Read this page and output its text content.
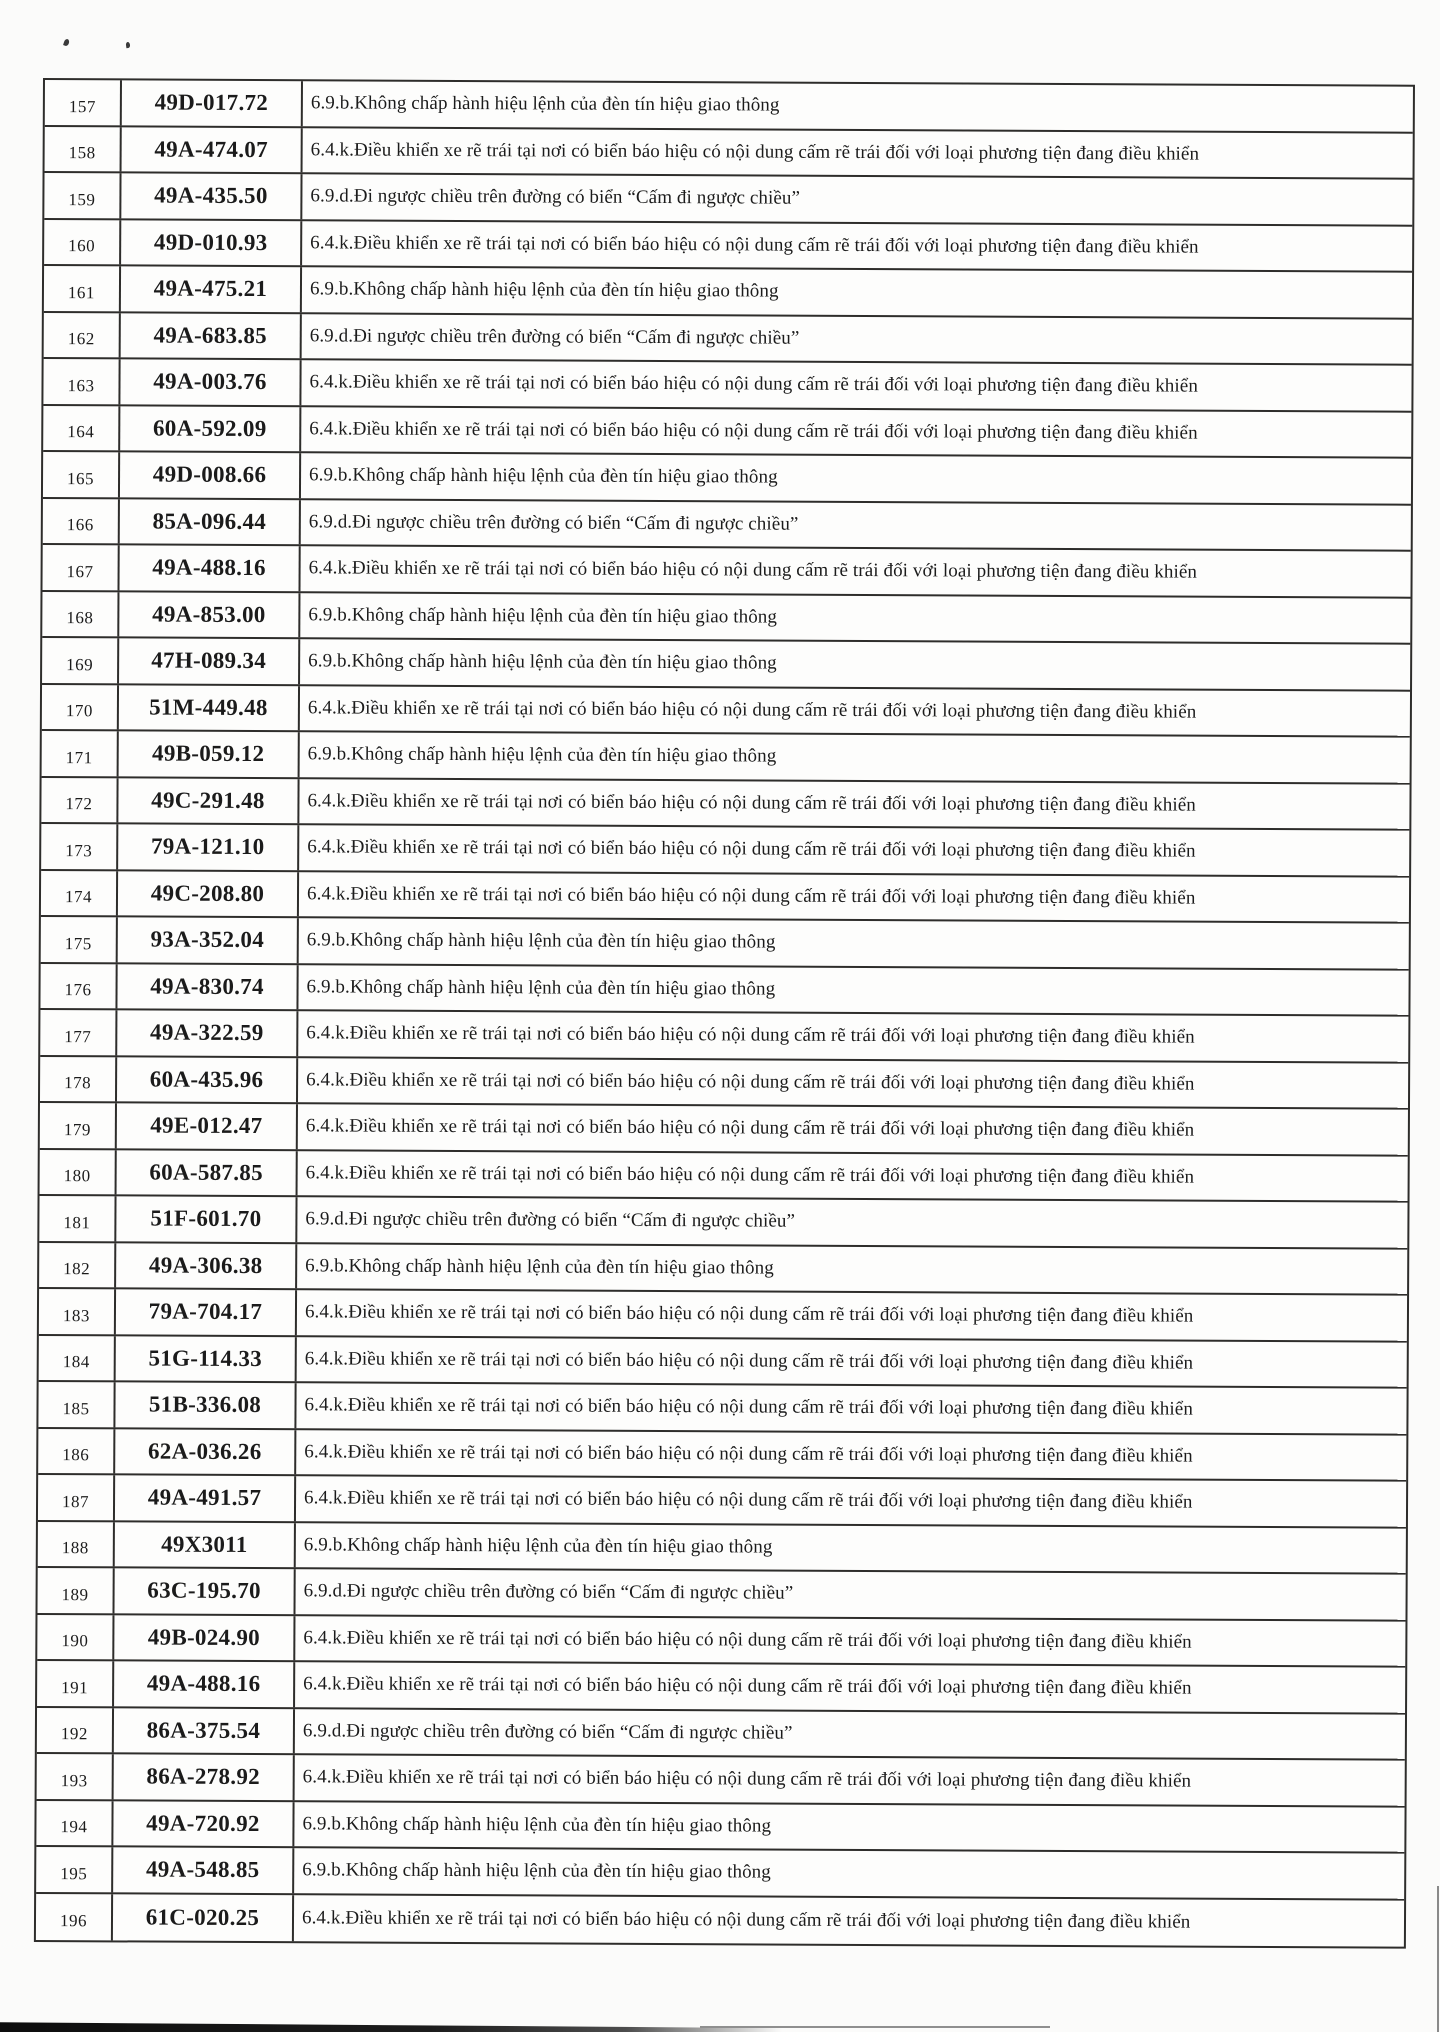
157	49D-017.72 6.9.b.Không chấp hành hiệu lệnh của đèn tín hiệu giao thông
158	49A-474.07 6.4.k.Điều khiển xe rẽ trái tại nơi có biển báo hiệu có nội dung cấm rẽ trái đối với loại phương tiện đang điều khiển
159	49A-435.50 6.9.d.Đi ngược chiều trên đường có biển “Cấm đi ngược chiều”
160	49D-010.93 6.4.k.Điều khiển xe rẽ trái tại nơi có biển báo hiệu có nội dung cấm rẽ trái đối với loại phương tiện đang điều khiển
161	49A-475.21 6.9.b.Không chấp hành hiệu lệnh của đèn tín hiệu giao thông
162	49A-683.85 6.9.d.Đi ngược chiều trên đường có biển “Cấm đi ngược chiều”
163	49A-003.76 6.4.k.Điều khiển xe rẽ trái tại nơi có biển báo hiệu có nội dung cấm rẽ trái đối với loại phương tiện đang điều khiển
164	60A-592.09 6.4.k.Điều khiển xe rẽ trái tại nơi có biển báo hiệu có nội dung cấm rẽ trái đối với loại phương tiện đang điều khiển
165	49D-008.66 6.9.b.Không chấp hành hiệu lệnh của đèn tín hiệu giao thông
166	85A-096.44 6.9.d.Đi ngược chiều trên đường có biển “Cấm đi ngược chiều”
167	49A-488.16 6.4.k.Điều khiển xe rẽ trái tại nơi có biển báo hiệu có nội dung cấm rẽ trái đối với loại phương tiện đang điều khiển
168	49A-853.00 6.9.b.Không chấp hành hiệu lệnh của đèn tín hiệu giao thông
169	47H-089.34 6.9.b.Không chấp hành hiệu lệnh của đèn tín hiệu giao thông
170 51M-449.48 6.4.k.Điều khiển xe rẽ trái tại nơi có biển báo hiệu có nội dung cấm rẽ trái đối với loại phương tiện đang điều khiển
171	49B-059.12 6.9.b.Không chấp hành hiệu lệnh của đèn tín hiệu giao thông
172	49C-291.48 6.4.k.Điều khiển xe rẽ trái tại nơi có biển báo hiệu có nội dung cấm rẽ trái đối với loại phương tiện đang điều khiển
173	79A-121.10 6.4.k.Điều khiển xe rẽ trái tại nơi có biển báo hiệu có nội dung cấm rẽ trái đối với loại phương tiện đang điều khiển
174	49C-208.80 6.4.k.Điều khiển xe rẽ trái tại nơi có biển báo hiệu có nội dung cấm rẽ trái đối với loại phương tiện đang điều khiển
175	93A-352.04 6.9.b.Không chấp hành hiệu lệnh của đèn tín hiệu giao thông
176	49A-830.74 6.9.b.Không chấp hành hiệu lệnh của đèn tín hiệu giao thông
177	49A-322.59 6.4.k.Điều khiển xe rẽ trái tại nơi có biển báo hiệu có nội dung cấm rẽ trái đối với loại phương tiện đang điều khiển
178	60A-435.96 6.4.k.Điều khiển xe rẽ trái tại nơi có biển báo hiệu có nội dung cấm rẽ trái đối với loại phương tiện đang điều khiển
179	49E-012.47 6.4.k.Điều khiển xe rẽ trái tại nơi có biển báo hiệu có nội dung cấm rẽ trái đối với loại phương tiện đang điều khiển
180	60A-587.85 6.4.k.Điều khiển xe rẽ trái tại nơi có biển báo hiệu có nội dung cấm rẽ trái đối với loại phương tiện đang điều khiển
181	51F-601.70 6.9.d.Đi ngược chiều trên đường có biển “Cấm đi ngược chiều”
182	49A-306.38 6.9.b.Không chấp hành hiệu lệnh của đèn tín hiệu giao thông
183	79A-704.17 6.4.k.Điều khiển xe rẽ trái tại nơi có biển báo hiệu có nội dung cấm rẽ trái đối với loại phương tiện đang điều khiển
184	51G-114.33 6.4.k.Điều khiển xe rẽ trái tại nơi có biển báo hiệu có nội dung cấm rẽ trái đối với loại phương tiện đang điều khiển
185	51B-336.08 6.4.k.Điều khiển xe rẽ trái tại nơi có biển báo hiệu có nội dung cấm rẽ trái đối với loại phương tiện đang điều khiển
186	62A-036.26 6.4.k.Điều khiển xe rẽ trái tại nơi có biển báo hiệu có nội dung cấm rẽ trái đối với loại phương tiện đang điều khiển
187	49A-491.57 6.4.k.Điều khiển xe rẽ trái tại nơi có biển báo hiệu có nội dung cấm rẽ trái đối với loại phương tiện đang điều khiển
188	49X3011	6.9.b.Không chấp hành hiệu lệnh của đèn tín hiệu giao thông
189	63C-195.70 6.9.d.Đi ngược chiều trên đường có biển “Cấm đi ngược chiều”
190	49B-024.90 6.4.k.Điều khiển xe rẽ trái tại nơi có biển báo hiệu có nội dung cấm rẽ trái đối với loại phương tiện đang điều khiển
191	49A-488.16 6.4.k.Điều khiển xe rẽ trái tại nơi có biển báo hiệu có nội dung cấm rẽ trái đối với loại phương tiện đang điều khiển
192	86A-375.54 6.9.d.Đi ngược chiều trên đường có biển “Cấm đi ngược chiều”
193	86A-278.92 6.4.k.Điều khiển xe rẽ trái tại nơi có biển báo hiệu có nội dung cấm rẽ trái đối với loại phương tiện đang điều khiển
194	49A-720.92 6.9.b.Không chấp hành hiệu lệnh của đèn tín hiệu giao thông
195	49A-548.85 6.9.b.Không chấp hành hiệu lệnh của đèn tín hiệu giao thông
196	61C-020.25 6.4.k.Điều khiển xe rẽ trái tại nơi có biển báo hiệu có nội dung cấm rẽ trái đối với loại phương tiện đang điều khiển
